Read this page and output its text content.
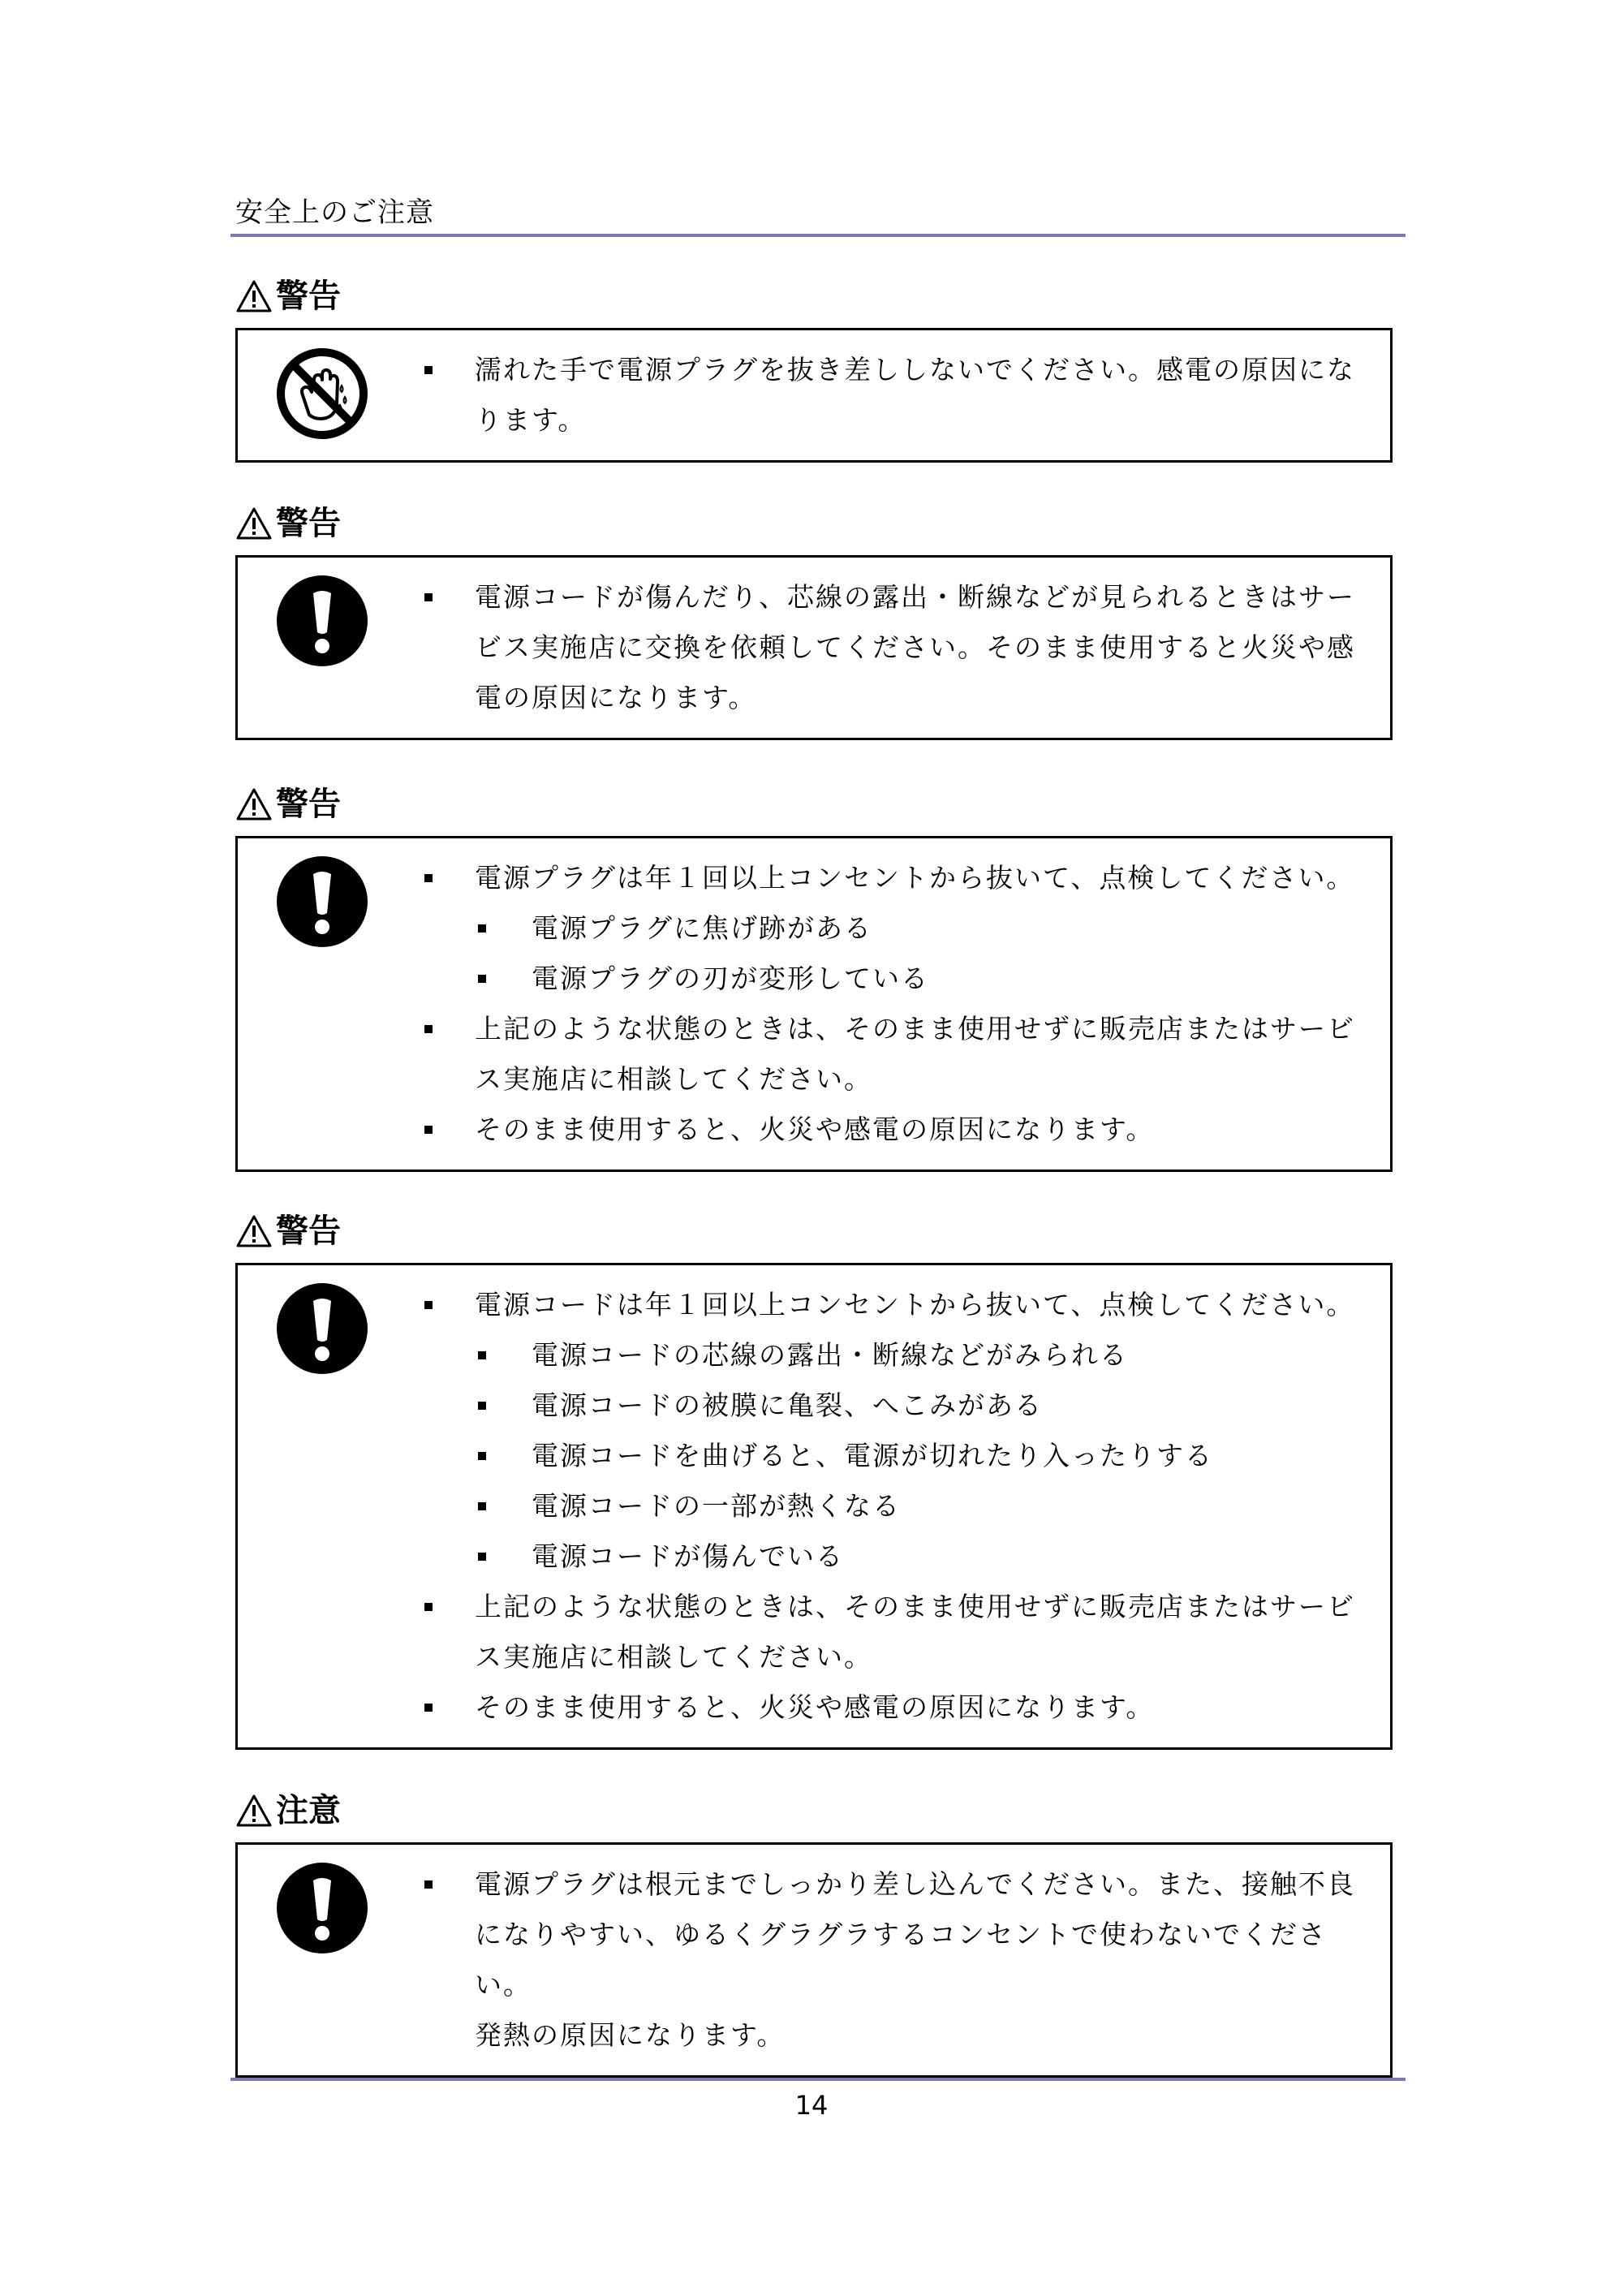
安全上のご注意
警告
濡れた手で電源プラグを抜き差ししないでください。感電の原因にな
ります。
警告
電源コードが傷んだり、芯線の露出・断線などが見られるときはサー
ビス実施店に交換を依頼してください。そのまま使用すると火災や感
電の原因になります。
警告
電源プラグは年１回以上コンセントから抜いて、点検してください。
電源プラグに焦げ跡がある
電源プラグの刃が変形している
上記のような状態のときは、そのまま使用せずに販売店またはサービ
ス実施店に相談してください。
そのまま使用すると、火災や感電の原因になります。
警告
電源コードは年１回以上コンセントから抜いて、点検してください。
電源コードの芯線の露出・断線などがみられる
電源コードの被膜に亀裂、へこみがある
電源コードを曲げると、電源が切れたり入ったりする
電源コードの一部が熱くなる
電源コードが傷んでいる
上記のような状態のときは、そのまま使用せずに販売店またはサービ
ス実施店に相談してください。
そのまま使用すると、火災や感電の原因になります。
注意
電源プラグは根元までしっかり差し込んでください。また、接触不良
になりやすい、ゆるくグラグラするコンセントで使わないでください。
発熱の原因になります。
14
